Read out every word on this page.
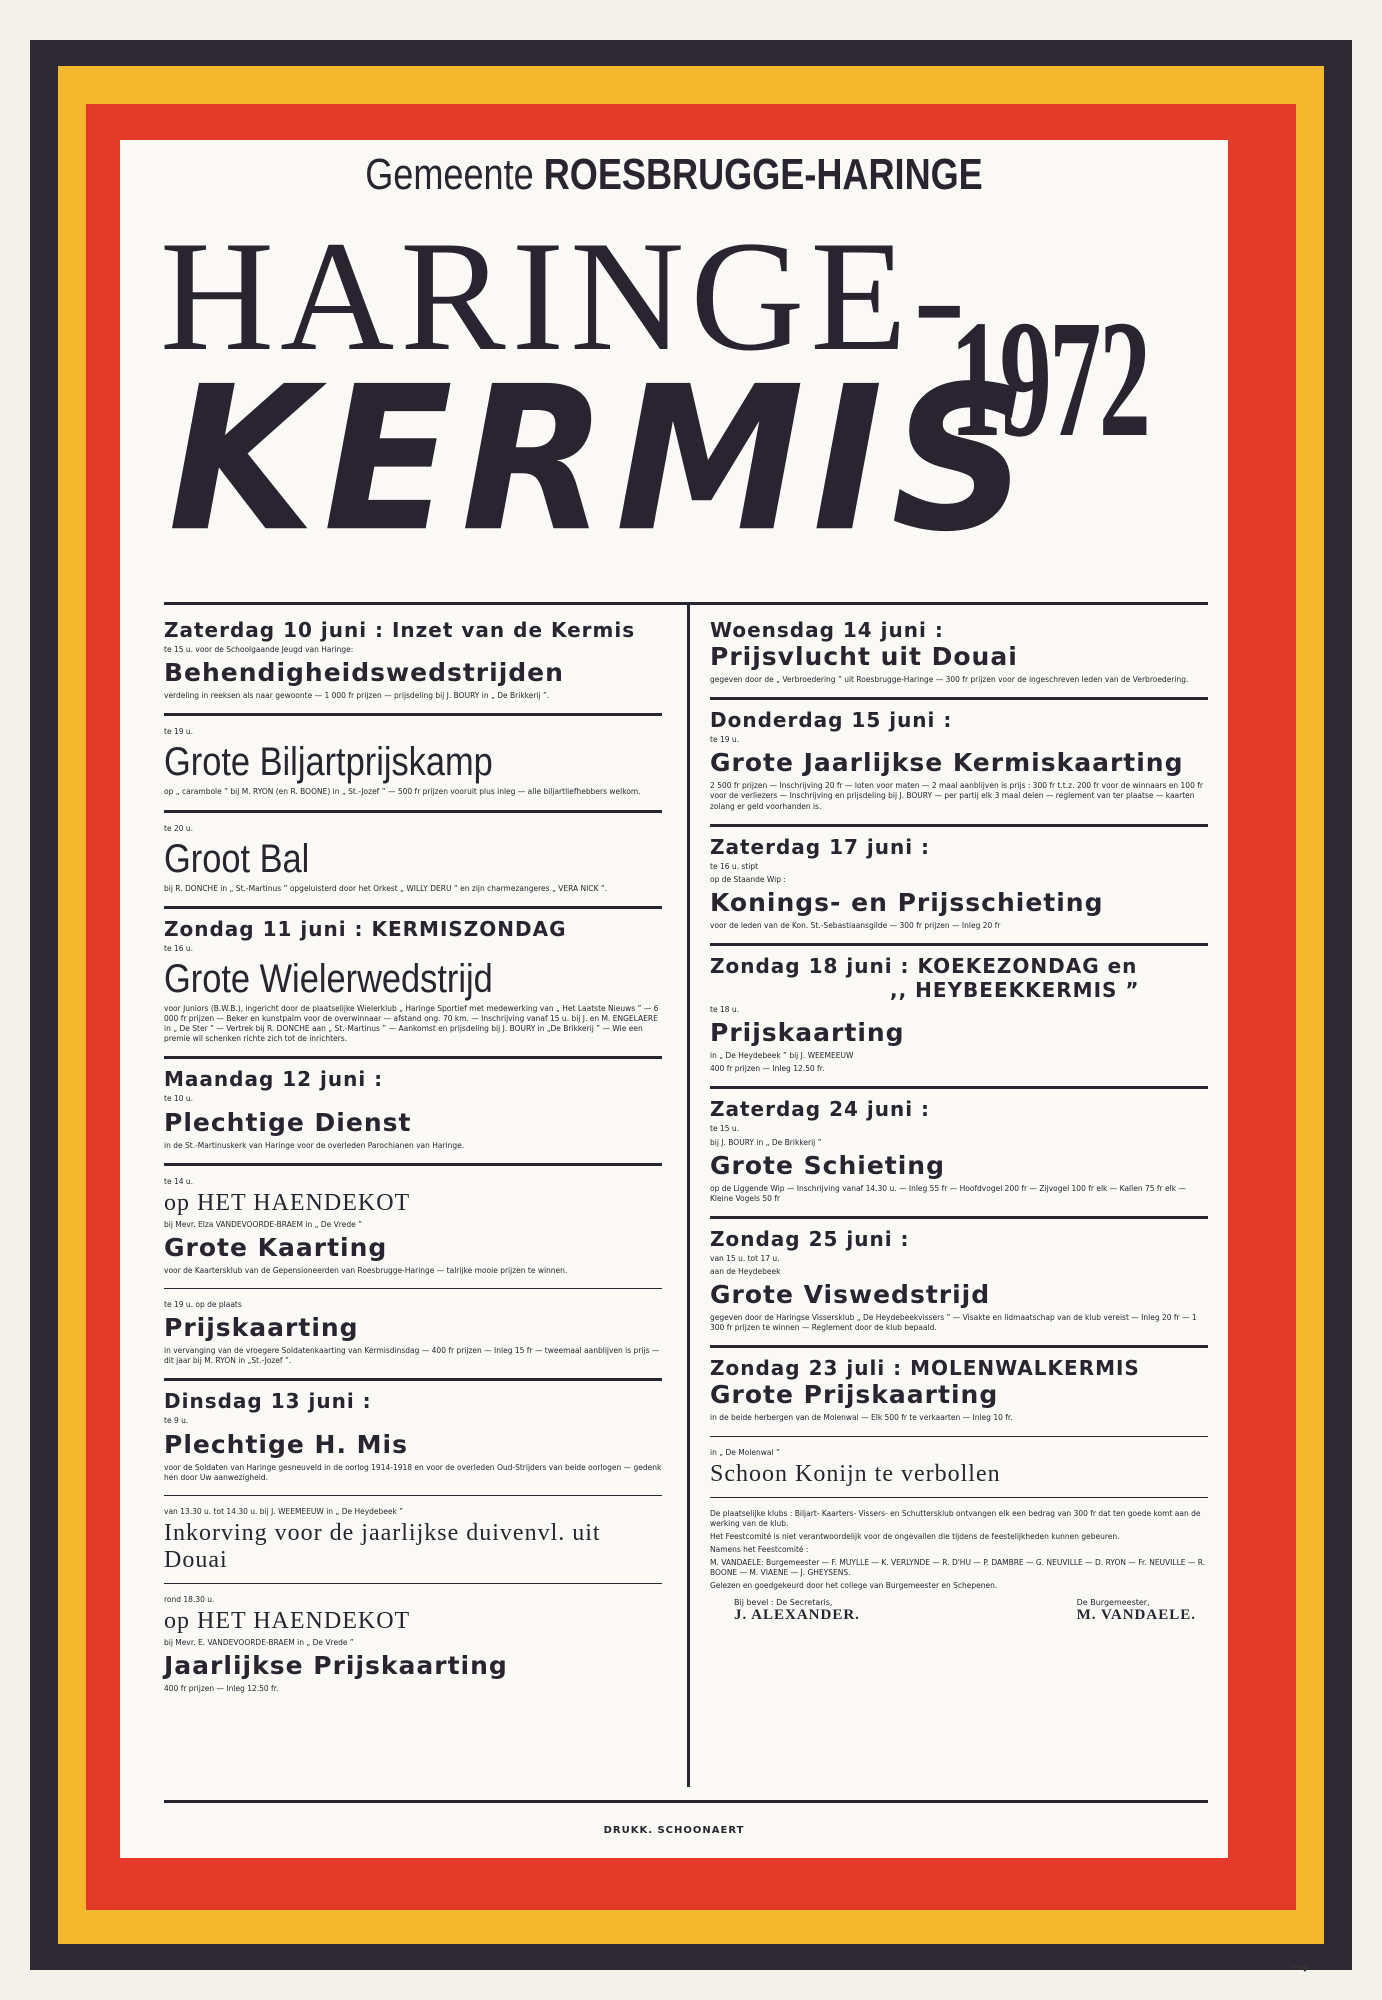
Gemeente ROESBRUGGE-HARINGE
HARINGE-
KERMIS
1972
Zaterdag 10 juni : Inzet van de Kermis
te 15 u. voor de Schoolgaande Jeugd van Haringe:
Behendigheidswedstrijden
verdeling in reeksen als naar gewoonte — 1 000 fr prijzen — prijsdeling bij J. BOURY in „ De Brikkerij ”.
te 19 u.
Grote Biljartprijskamp
op „ carambole ” bij M. RYON (en R. BOONE) in „ St.-Jozef ” — 500 fr prijzen vooruit plus inleg — alle biljartliefhebbers welkom.
te 20 u.
Groot Bal
bij R. DONCHE in „ St.-Martinus ” opgeluisterd door het Orkest „ WILLY DERU ” en zijn charmezangeres „ VERA NICK ”.
Zondag 11 juni : KERMISZONDAG
te 16 u.
Grote Wielerwedstrijd
voor Juniors (B.W.B.), ingericht door de plaatselijke Wielerklub „ Haringe Sportief met medewerking van „ Het Laatste Nieuws ” — 6 000 fr prijzen — Beker en kunstpalm voor de overwinnaar — afstand ong. 70 km. — Inschrijving vanaf 15 u. bij J. en M. ENGELAERE in „ De Ster ” — Vertrek bij R. DONCHE aan „ St.-Martinus ” — Aankomst en prijsdeling bij J. BOURY in „De Brikkerij ” — Wie een premie wil schenken richte zich tot de inrichters.
Maandag 12 juni :
te 10 u.
Plechtige Dienst
in de St.-Martinuskerk van Haringe voor de overleden Parochianen van Haringe.
te 14 u.
op HET HAENDEKOT
bij Mevr. Elza VANDEVOORDE-BRAEM in „ De Vrede ”
Grote Kaarting
voor de Kaartersklub van de Gepensioneerden van Roesbrugge-Haringe — talrijke mooie prijzen te winnen.
te 19 u. op de plaats
Prijskaarting
in vervanging van de vroegere Soldatenkaarting van Kermisdinsdag — 400 fr prijzen — Inleg 15 fr — tweemaal aanblijven is prijs — dit jaar bij M. RYON in „St.-Jozef ”.
Dinsdag 13 juni :
te 9 u.
Plechtige H. Mis
voor de Soldaten van Haringe gesneuveld in de oorlog 1914-1918 en voor de overleden Oud-Strijders van beide oorlogen — gedenk hen door Uw aanwezigheid.
van 13.30 u. tot 14.30 u. bij J. WEEMEEUW in „ De Heydebeek ”
Inkorving voor de jaarlijkse duivenvl. uit Douai
rond 18.30 u.
op HET HAENDEKOT
bij Mevr. E. VANDEVOORDE-BRAEM in „ De Vrede ”
Jaarlijkse Prijskaarting
400 fr prijzen — Inleg 12.50 fr.
Woensdag 14 juni :
Prijsvlucht uit Douai
gegeven door de „ Verbroedering ” uit Roesbrugge-Haringe — 300 fr prijzen voor de ingeschreven leden van de Verbroedering.
Donderdag 15 juni :
te 19 u.
Grote Jaarlijkse Kermiskaarting
2 500 fr prijzen — Inschrijving 20 fr — loten voor maten — 2 maal aanblijven is prijs : 300 fr t.t.z. 200 fr voor de winnaars en 100 fr voor de verliezers — Inschrijving en prijsdeling bij J. BOURY — per partij elk 3 maal delen — reglement van ter plaatse — kaarten zolang er geld voorhanden is.
Zaterdag 17 juni :
te 16 u. stipt
op de Staande Wip :
Konings- en Prijsschieting
voor de leden van de Kon. St.-Sebastiaansgilde — 300 fr prijzen — Inleg 20 fr
Zondag 18 juni : KOEKEZONDAG en
,, HEYBEEKKERMIS ”
te 18 u.
Prijskaarting
in „ De Heydebeek ” bij J. WEEMEEUW
400 fr prijzen — Inleg 12.50 fr.
Zaterdag 24 juni :
te 15 u.
bij J. BOURY in „ De Brikkerij ”
Grote Schieting
op de Liggende Wip — Inschrijving vanaf 14.30 u. — Inleg 55 fr — Hoofdvogel 200 fr — Zijvogel 100 fr elk — Kallen 75 fr elk — Kleine Vogels 50 fr
Zondag 25 juni :
van 15 u. tot 17 u.
aan de Heydebeek
Grote Viswedstrijd
gegeven door de Haringse Vissersklub „ De Heydebeekvissers ” — Visakte en lidmaatschap van de klub vereist — Inleg 20 fr — 1 300 fr prijzen te winnen — Reglement door de klub bepaald.
Zondag 23 juli : MOLENWALKERMIS
Grote Prijskaarting
in de beide herbergen van de Molenwal — Elk 500 fr te verkaarten — Inleg 10 fr.
in „ De Molenwal ”
Schoon Konijn te verbollen
De plaatselijke klubs : Biljart- Kaarters- Vissers- en Schuttersklub ontvangen elk een bedrag van 300 fr dat ten goede komt aan de werking van de klub.
Het Feestcomité is niet verantwoordelijk voor de ongevallen die tijdens de feestelijkheden kunnen gebeuren.
Namens het Feestcomité :
M. VANDAELE: Burgemeester — F. MUYLLE — K. VERLYNDE — R. D'HU — P. DAMBRE — G. NEUVILLE — D. RYON — Fr. NEUVILLE — R. BOONE — M. VIAENE — J. GHEYSENS.
Gelezen en goedgekeurd door het college van Burgemeester en Schepenen.
Bij bevel : De Secretaris,
J. ALEXANDER.
De Burgemeester,
M. VANDAELE.
DRUKK. SCHOONAERT
⇝
